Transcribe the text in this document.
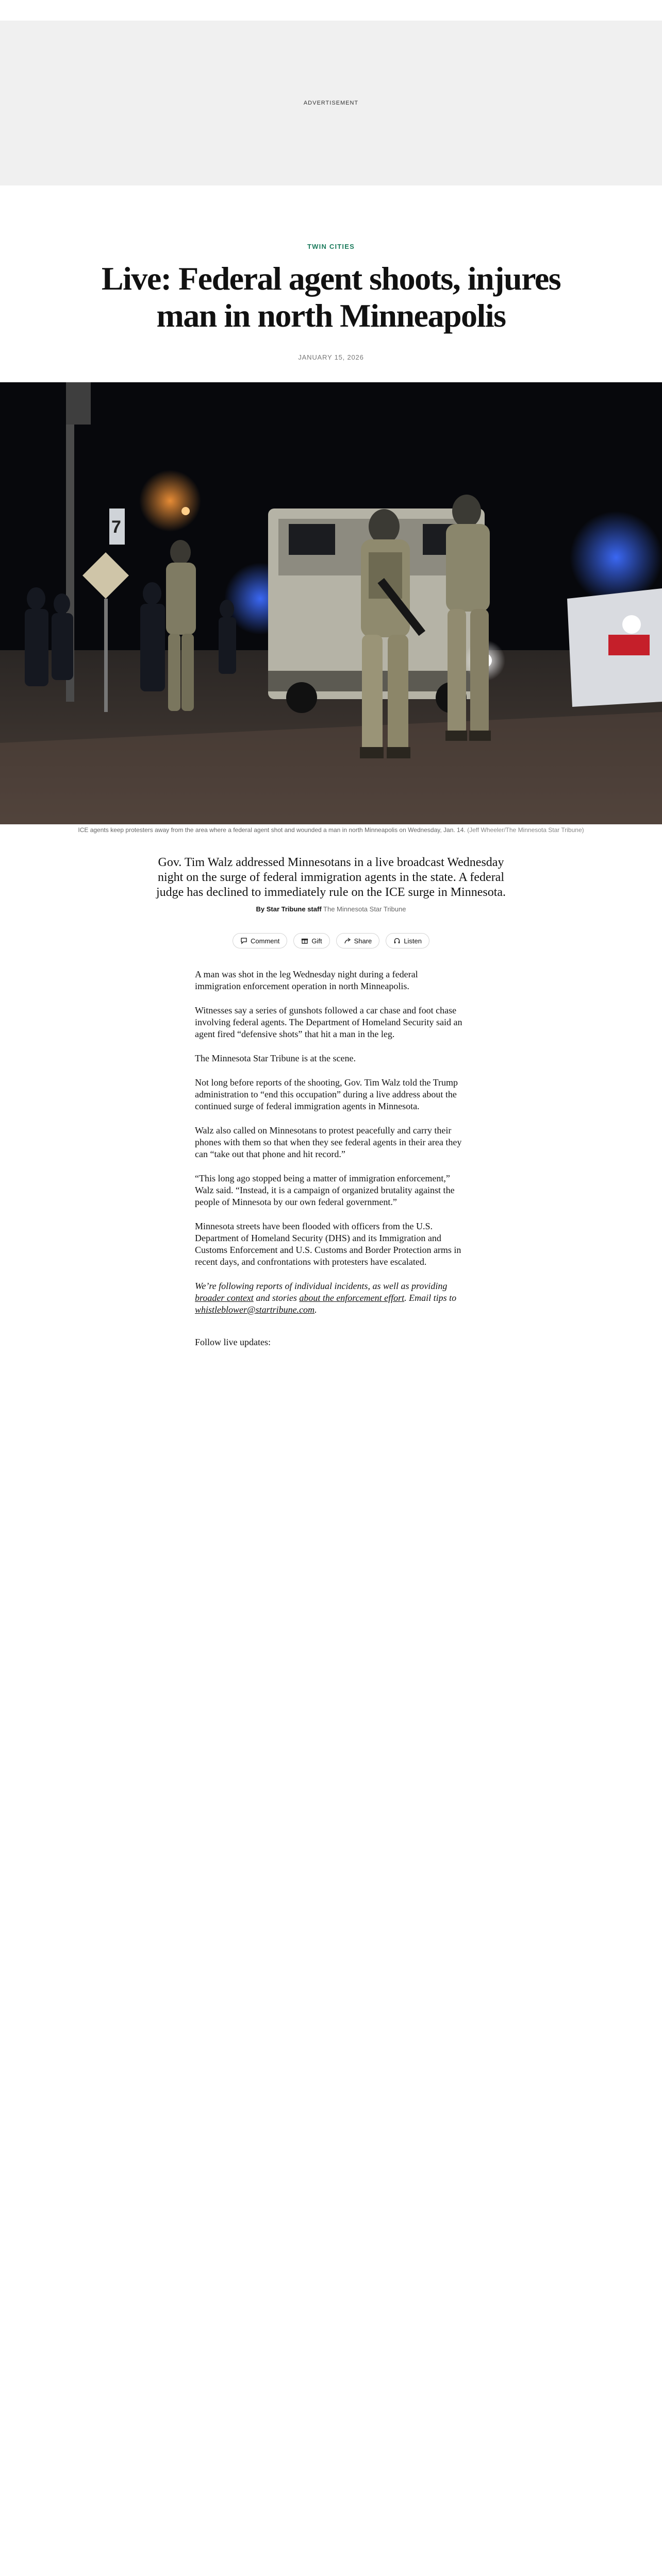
ADVERTISEMENT
TWIN CITIES
Live: Federal agent shoots, injures man in north Minneapolis
JANUARY 15, 2026
7
ICE agents keep protesters away from the area where a federal agent shot and wounded a man in north Minneapolis on Wednesday, Jan. 14. (Jeff Wheeler/The Minnesota Star Tribune)

Gov. Tim Walz addressed Minnesotans in a live broadcast Wednesday night on the surge of federal immigration agents in the state. A federal judge has declined to immediately rule on the ICE surge in Minnesota.

By Star Tribune staff The Minnesota Star Tribune
Comment	Gift	Share	Listen

A man was shot in the leg Wednesday night during a federal immigration enforcement operation in north Minneapolis.

Witnesses say a series of gunshots followed a car chase and foot chase involving federal agents. The Department of Homeland Security said an agent fired “defensive shots” that hit a man in the leg.

The Minnesota Star Tribune is at the scene.

Not long before reports of the shooting, Gov. Tim Walz told the Trump administration to “end this occupation” during a live address about the continued surge of federal immigration agents in Minnesota.

Walz also called on Minnesotans to protest peacefully and carry their phones with them so that when they see federal agents in their area they can “take out that phone and hit record.”

“This long ago stopped being a matter of immigration enforcement,” Walz said. “Instead, it is a campaign of organized brutality against the people of Minnesota by our own federal government.”

Minnesota streets have been flooded with officers from the U.S. Department of Homeland Security (DHS) and its Immigration and Customs Enforcement and U.S. Customs and Border Protection arms in recent days, and confrontations with protesters have escalated.

We’re following reports of individual incidents, as well as providing broader context and stories about the enforcement effort. Email tips to whistleblower@startribune.com.

Follow live updates:
